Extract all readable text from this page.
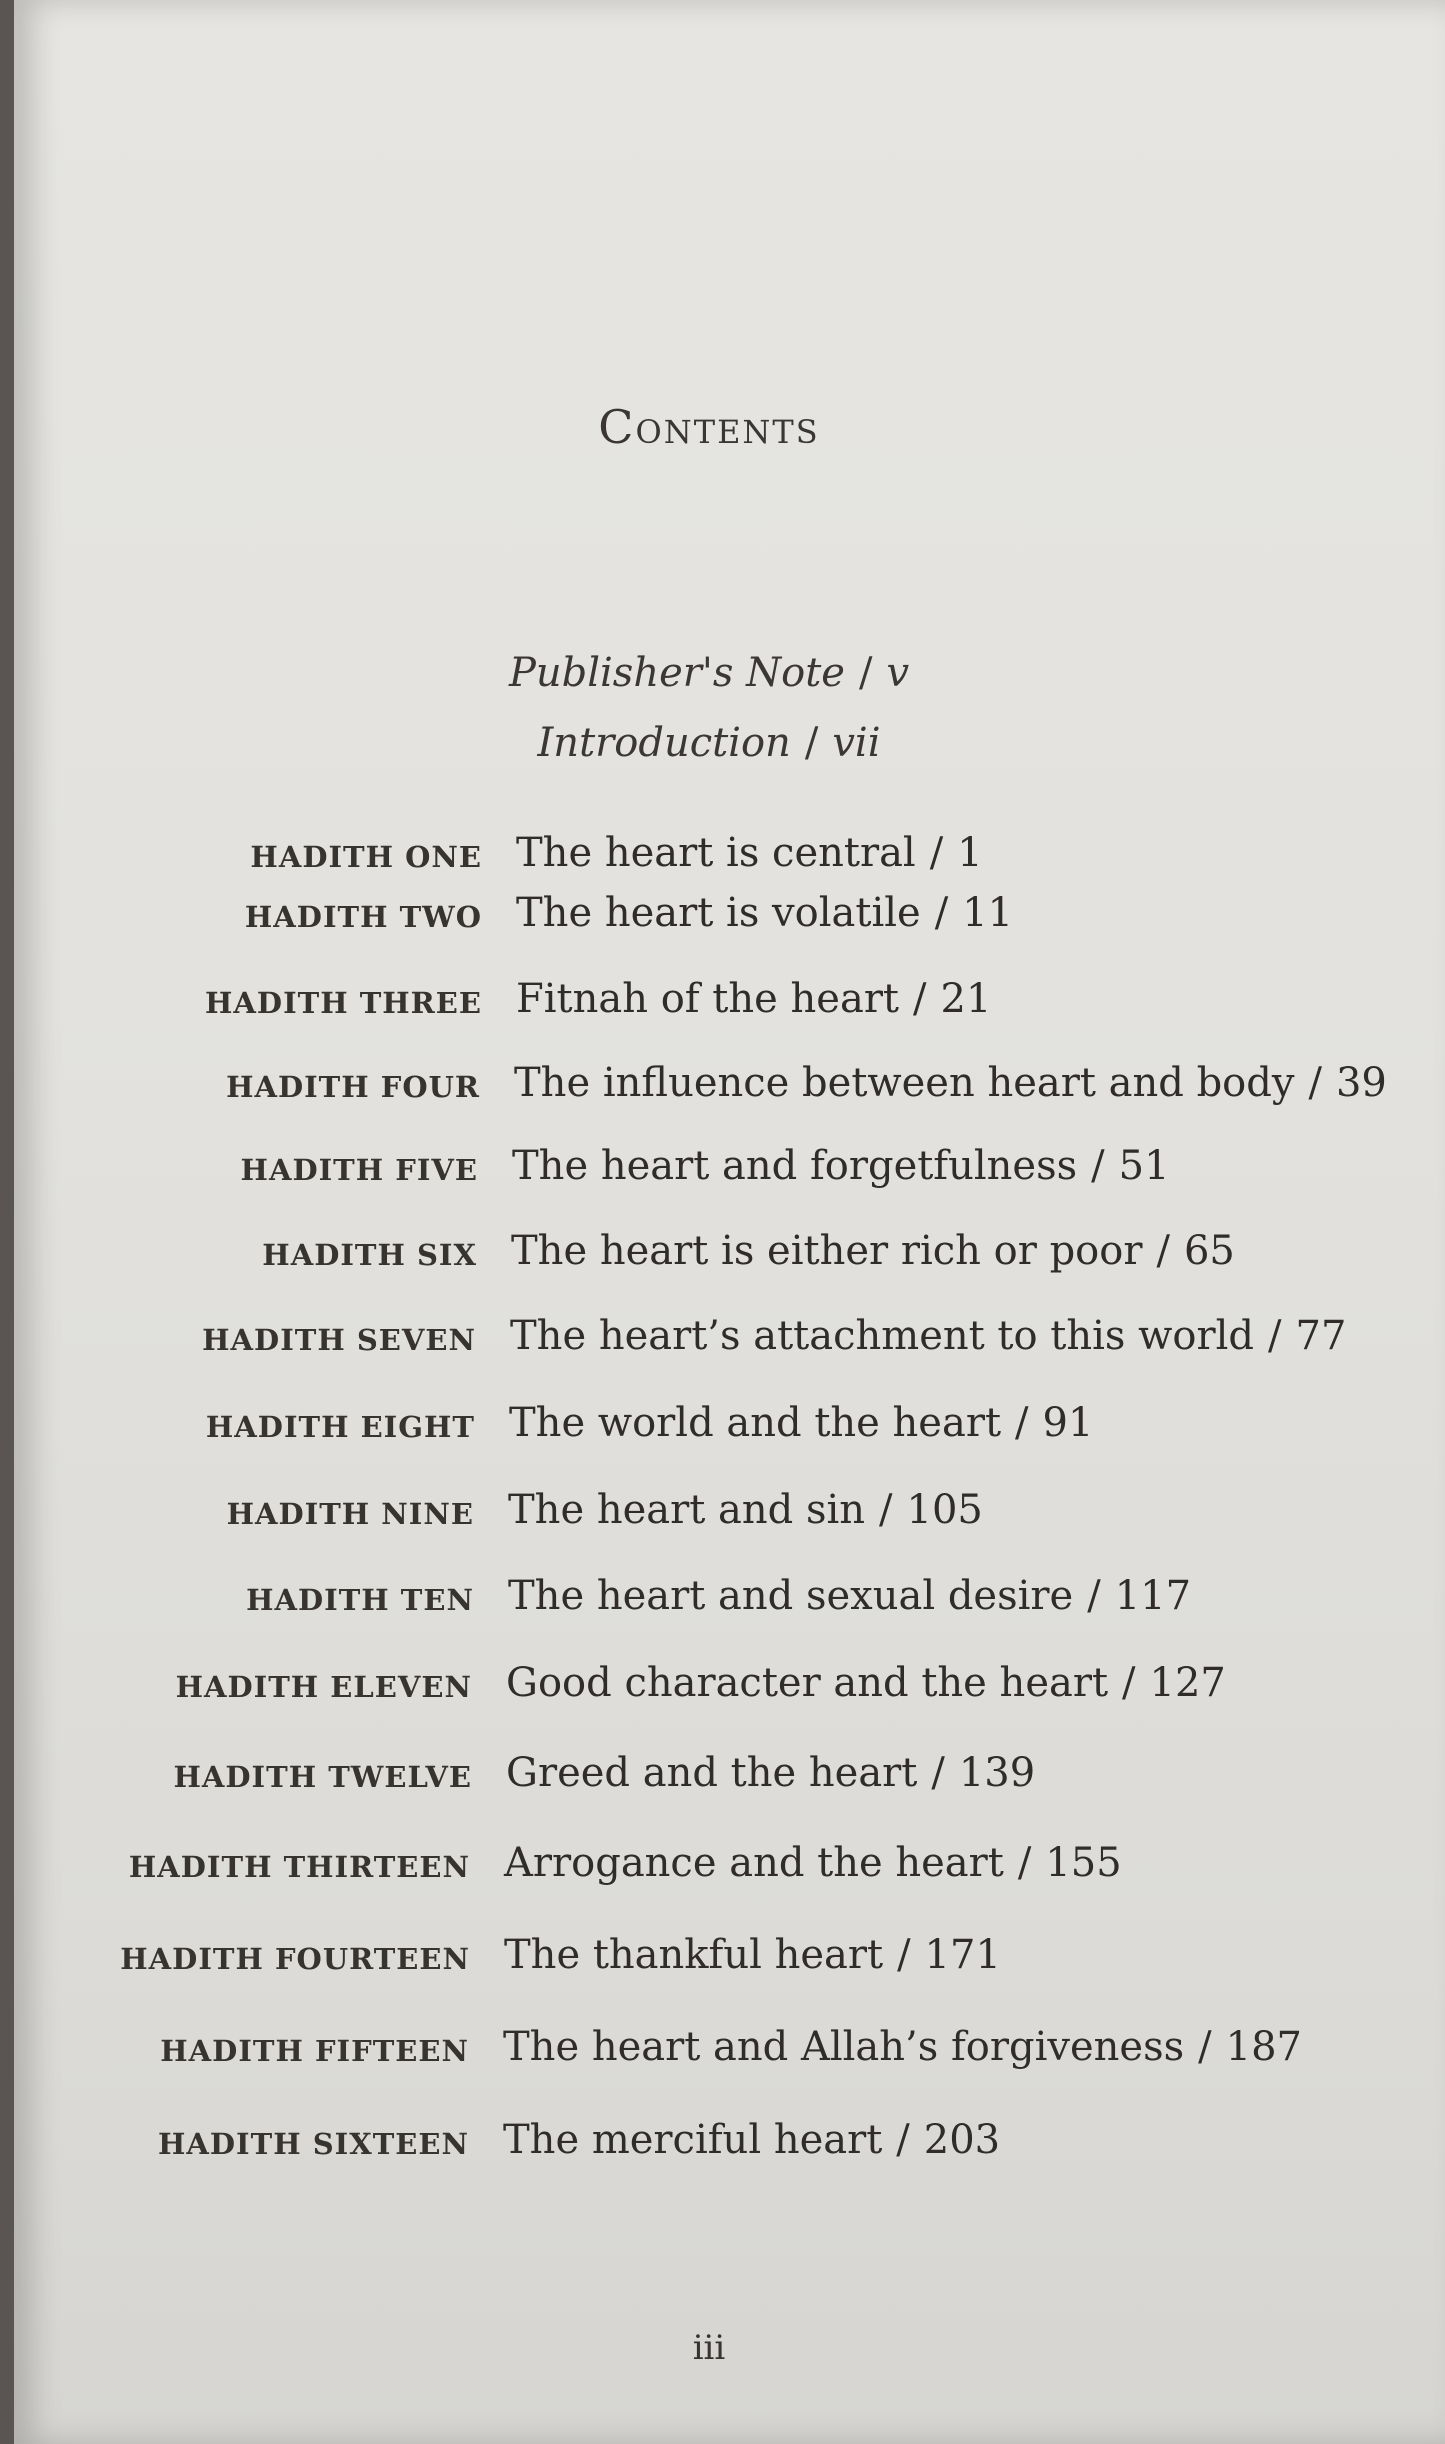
Contents
Publisher's Note / v
Introduction / vii
HADITH ONE The heart is central / 1
HADITH TWO The heart is volatile / 11
HADITH THREE Fitnah of the heart / 21
HADITH FOUR The influence between heart and body / 39
HADITH FIVE The heart and forgetfulness / 51
HADITH SIX The heart is either rich or poor / 65
HADITH SEVEN The heart’s attachment to this world / 77
HADITH EIGHT The world and the heart / 91
HADITH NINE The heart and sin / 105
HADITH TEN The heart and sexual desire / 117
HADITH ELEVEN Good character and the heart / 127
HADITH TWELVE Greed and the heart / 139
HADITH THIRTEEN Arrogance and the heart / 155
HADITH FOURTEEN The thankful heart / 171
HADITH FIFTEEN The heart and Allah’s forgiveness / 187
HADITH SIXTEEN The merciful heart / 203
iii
